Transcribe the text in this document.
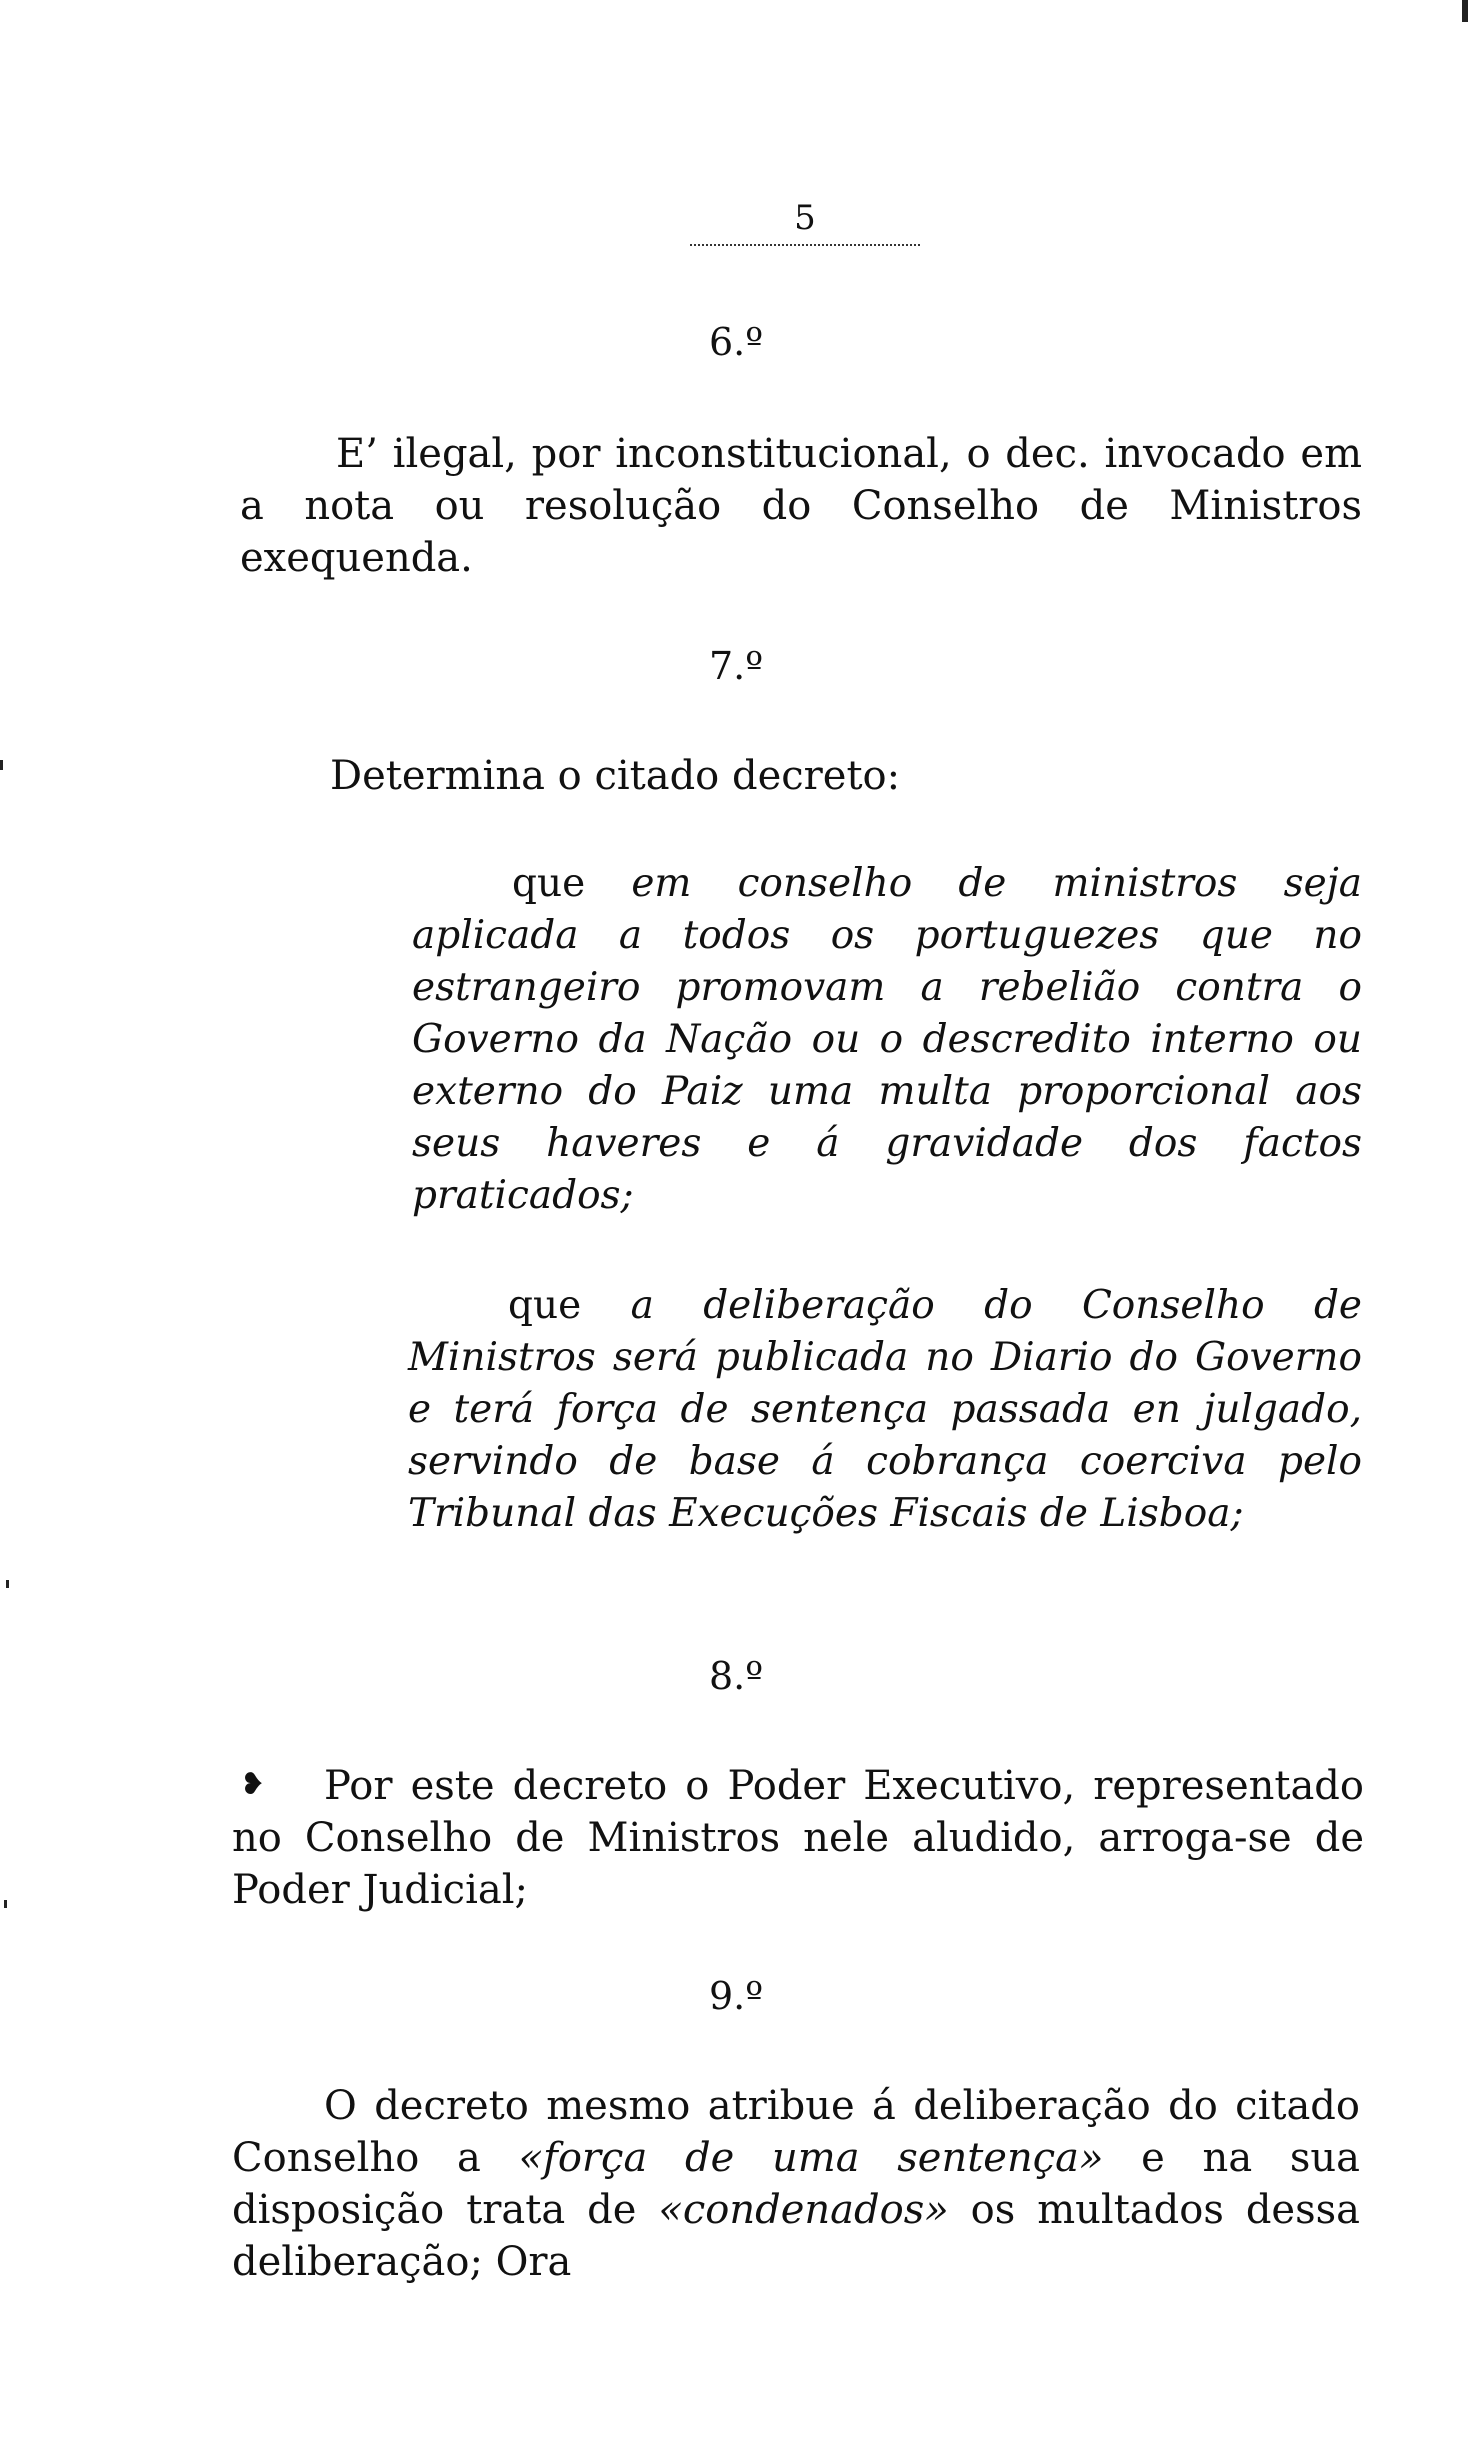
5
6.º

E’ ilegal, por inconstitucional, o dec. invocado em a nota ou resolução do Conselho de Ministros exequenda.

7.º

Determina o citado decreto:

que em conselho de ministros seja aplicada a todos os portuguezes que no estrangeiro promovam a rebelião contra o Governo da Nação ou o descredito interno ou externo do Paiz uma multa proporcional aos seus haveres e á gravidade dos factos praticados;

que a deliberação do Conselho de Ministros será publicada no Diario do Governo e terá força de sentença passada en julgado, servindo de base á cobrança coerciva pelo Tribunal das Execuções Fiscais de Lisboa;

8.º
❥	Por este decreto o Poder Executivo, representado no Conselho de Ministros nele aludido, arroga-se de Poder Judicial;

9.º

O decreto mesmo atribue á deliberação do citado Conselho a «força de uma sentença» e na sua disposição trata de «condenados» os multados dessa deliberação; Ora
